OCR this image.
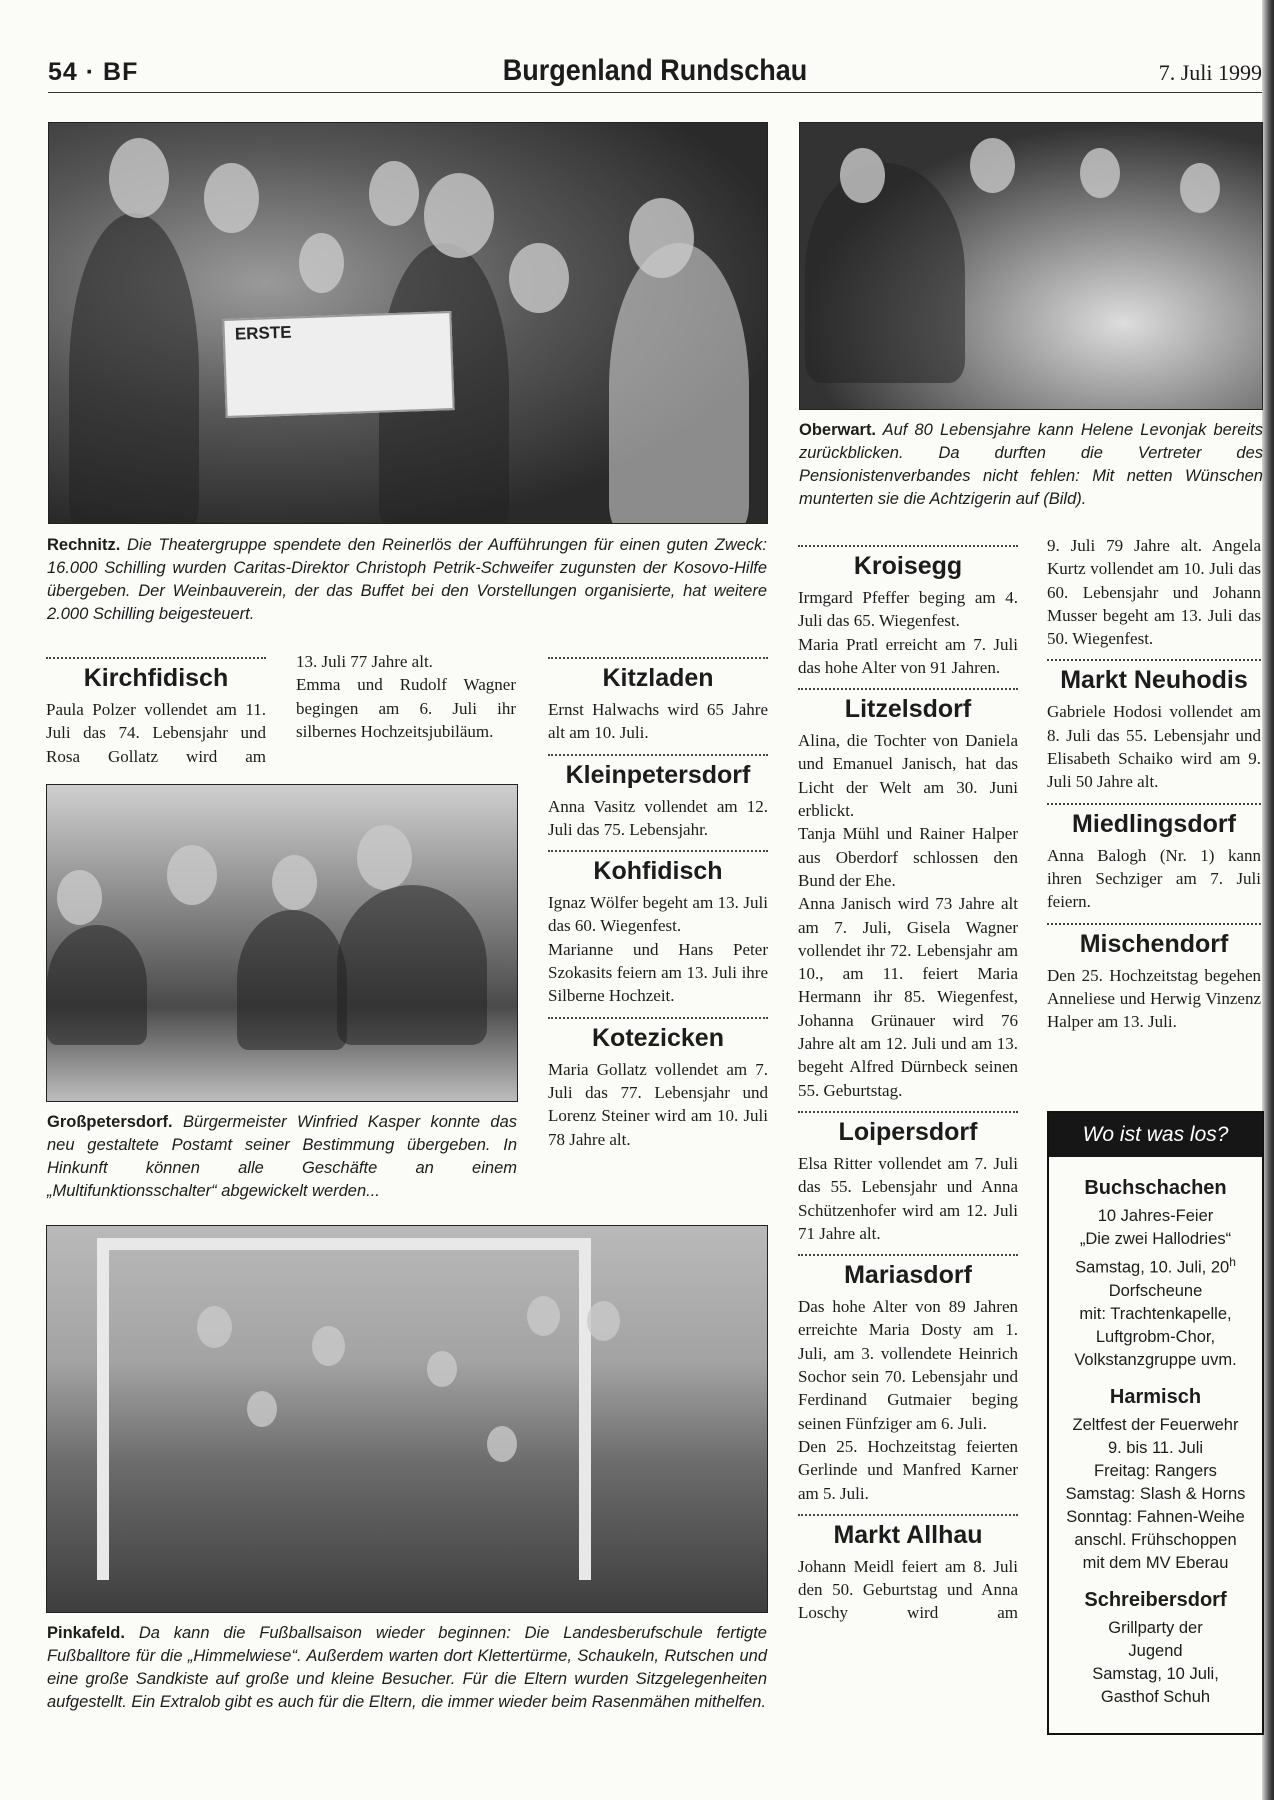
54 · BF	Burgenland Rundschau	7. Juli 1999
ERSTE
Oberwart. Auf 80 Lebensjahre kann Helene Levonjak bereits zurückblicken. Da durften die Vertreter des Pensionistenverbandes nicht fehlen: Mit netten Wünschen munterten sie die Achtzigerin auf (Bild).
Rechnitz. Die Theatergruppe spendete den Reinerlös der Aufführungen für einen guten Zweck: 16.000 Schilling wurden Caritas-Direktor Christoph Petrik-Schweifer zugunsten der Kosovo-Hilfe übergeben. Der Weinbauverein, der das Buffet bei den Vorstellungen organisierte, hat weitere 2.000 Schilling beigesteuert.
Großpetersdorf. Bürgermeister Winfried Kasper konnte das neu gestaltete Postamt seiner Bestimmung übergeben. In Hinkunft können alle Geschäfte an einem „Multifunktionsschalter“ abgewickelt werden...
Pinkafeld. Da kann die Fußballsaison wieder beginnen: Die Landesberufschule fertigte Fußballtore für die „Himmelwiese“. Außerdem warten dort Klettertürme, Schaukeln, Rutschen und eine große Sandkiste auf große und kleine Besucher. Für die Eltern wurden Sitzgelegenheiten aufgestellt. Ein Extralob gibt es auch für die Eltern, die immer wieder beim Rasenmähen mithelfen.
Kirchfidisch

Paula Polzer vollendet am 11. Juli das 74. Lebensjahr und Rosa Gollatz wird am

13. Juli 77 Jahre alt.

Emma und Rudolf Wagner begingen am 6. Juli ihr silbernes Hochzeitsjubiläum.

Kitzladen

Ernst Halwachs wird 65 Jahre alt am 10. Juli.

Kleinpetersdorf

Anna Vasitz vollendet am 12. Juli das 75. Lebensjahr.

Kohfidisch

Ignaz Wölfer begeht am 13. Juli das 60. Wiegenfest.

Marianne und Hans Peter Szokasits feiern am 13. Juli ihre Silberne Hochzeit.

Kotezicken

Maria Gollatz vollendet am 7. Juli das 77. Lebensjahr und Lorenz Steiner wird am 10. Juli 78 Jahre alt.

Kroisegg

Irmgard Pfeffer beging am 4. Juli das 65. Wiegenfest.

Maria Pratl erreicht am 7. Juli das hohe Alter von 91 Jahren.

Litzelsdorf

Alina, die Tochter von Daniela und Emanuel Janisch, hat das Licht der Welt am 30. Juni erblickt.

Tanja Mühl und Rainer Halper aus Oberdorf schlossen den Bund der Ehe.

Anna Janisch wird 73 Jahre alt am 7. Juli, Gisela Wagner vollendet ihr 72. Lebensjahr am 10., am 11. feiert Maria Hermann ihr 85. Wiegenfest, Johanna Grünauer wird 76 Jahre alt am 12. Juli und am 13. begeht Alfred Dürnbeck seinen 55. Geburtstag.

Loipersdorf

Elsa Ritter vollendet am 7. Juli das 55. Lebensjahr und Anna Schützenhofer wird am 12. Juli 71 Jahre alt.

Mariasdorf

Das hohe Alter von 89 Jahren erreichte Maria Dosty am 1. Juli, am 3. vollendete Heinrich Sochor sein 70. Lebensjahr und Ferdinand Gutmaier beging seinen Fünfziger am 6. Juli.

Den 25. Hochzeitstag feierten Gerlinde und Manfred Karner am 5. Juli.

Markt Allhau

Johann Meidl feiert am 8. Juli den 50. Geburtstag und Anna Loschy wird am

9. Juli 79 Jahre alt. Angela Kurtz vollendet am 10. Juli das 60. Lebensjahr und Johann Musser begeht am 13. Juli das 50. Wiegenfest.

Markt Neuhodis

Gabriele Hodosi vollendet am 8. Juli das 55. Lebensjahr und Elisabeth Schaiko wird am 9. Juli 50 Jahre alt.

Miedlingsdorf

Anna Balogh (Nr. 1) kann ihren Sechziger am 7. Juli feiern.

Mischendorf

Den 25. Hochzeitstag begehen Anneliese und Herwig Vinzenz Halper am 13. Juli.

Wo ist was los?
Buchschachen
10 Jahres-Feier
„Die zwei Hallodries“
Samstag, 10. Juli, 20$^h$
Dorfscheune
mit: Trachtenkapelle,
Luftgrobm-Chor,
Volkstanzgruppe uvm.
Harmisch
Zeltfest der Feuerwehr
9. bis 11. Juli
Freitag: Rangers
Samstag: Slash & Horns
Sonntag: Fahnen-Weihe
anschl. Frühschoppen
mit dem MV Eberau
Schreibersdorf
Grillparty der
Jugend
Samstag, 10 Juli,
Gasthof Schuh
